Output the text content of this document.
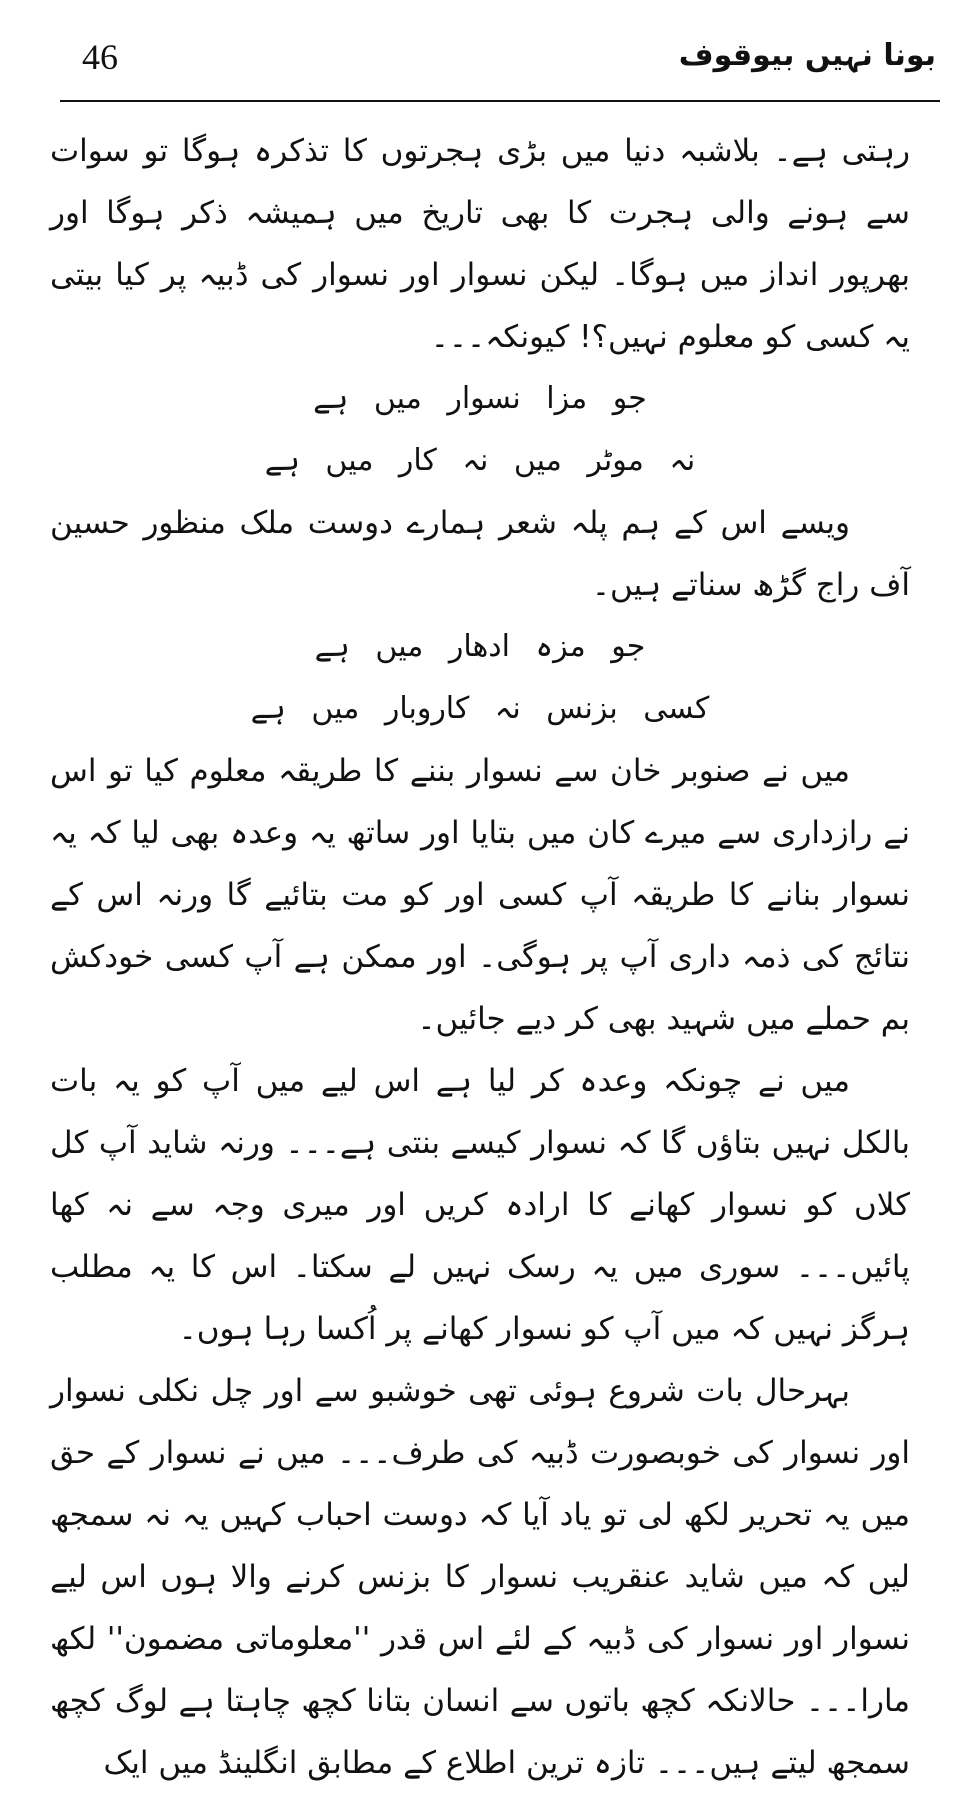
46	بونا نہیں بیوقوف

رہتی ہے۔ بلاشبہ دنیا میں بڑی ہجرتوں کا تذکرہ ہوگا تو سوات سے ہونے والی ہجرت کا بھی تاریخ میں ہمیشہ ذکر ہوگا اور بھرپور انداز میں ہوگا۔ لیکن نسوار اور نسوار کی ڈبیہ پر کیا بیتی یہ کسی کو معلوم نہیں؟! کیونکہ۔۔۔

جو مزا نسوار میں ہے

نہ موٹر میں نہ کار میں ہے

ویسے اس کے ہم پلہ شعر ہمارے دوست ملک منظور حسین آف راج گڑھ سناتے ہیں۔

جو مزہ ادھار میں ہے

کسی بزنس نہ کاروبار میں ہے

میں نے صنوبر خان سے نسوار بننے کا طریقہ معلوم کیا تو اس نے رازداری سے میرے کان میں بتایا اور ساتھ یہ وعدہ بھی لیا کہ یہ نسوار بنانے کا طریقہ آپ کسی اور کو مت بتائیے گا ورنہ اس کے نتائج کی ذمہ داری آپ پر ہوگی۔ اور ممکن ہے آپ کسی خودکش بم حملے میں شہید بھی کر دیے جائیں۔

میں نے چونکہ وعدہ کر لیا ہے اس لیے میں آپ کو یہ بات بالکل نہیں بتاؤں گا کہ نسوار کیسے بنتی ہے۔۔۔ ورنہ شاید آپ کل کلاں کو نسوار کھانے کا ارادہ کریں اور میری وجہ سے نہ کھا پائیں۔۔۔ سوری میں یہ رسک نہیں لے سکتا۔ اس کا یہ مطلب ہرگز نہیں کہ میں آپ کو نسوار کھانے پر اُکسا رہا ہوں۔

بہرحال بات شروع ہوئی تھی خوشبو سے اور چل نکلی نسوار اور نسوار کی خوبصورت ڈبیہ کی طرف۔۔۔ میں نے نسوار کے حق میں یہ تحریر لکھ لی تو یاد آیا کہ دوست احباب کہیں یہ نہ سمجھ لیں کہ میں شاید عنقریب نسوار کا بزنس کرنے والا ہوں اس لیے نسوار اور نسوار کی ڈبیہ کے لئے اس قدر ''معلوماتی مضمون'' لکھ مارا۔۔۔ حالانکہ کچھ باتوں سے انسان بتانا کچھ چاہتا ہے لوگ کچھ سمجھ لیتے ہیں۔۔۔ تازہ ترین اطلاع کے مطابق انگلینڈ میں ایک
